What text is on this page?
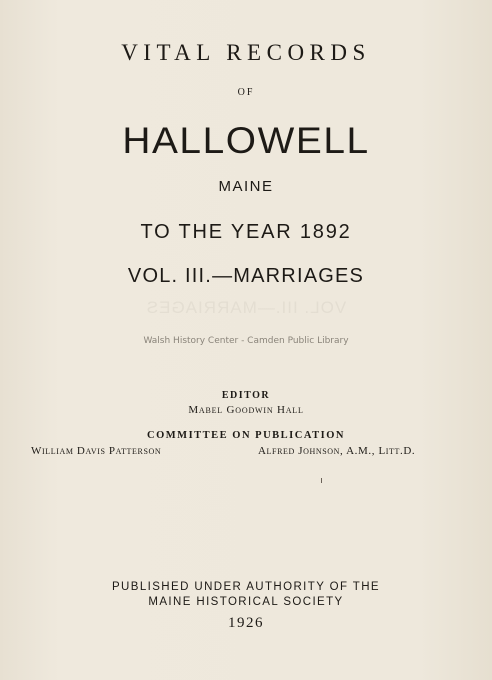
VITAL RECORDS
OF
HALLOWELL
MAINE
TO THE YEAR 1892
VOL. III.—MARRIAGES
VOL. III.—MARRIAGES
Walsh History Center - Camden Public Library
EDITOR
Mabel Goodwin Hall
COMMITTEE ON PUBLICATION
William Davis Patterson	Alfred Johnson, A.M., Litt.D.
PUBLISHED UNDER AUTHORITY OF THE
MAINE HISTORICAL SOCIETY
1926
